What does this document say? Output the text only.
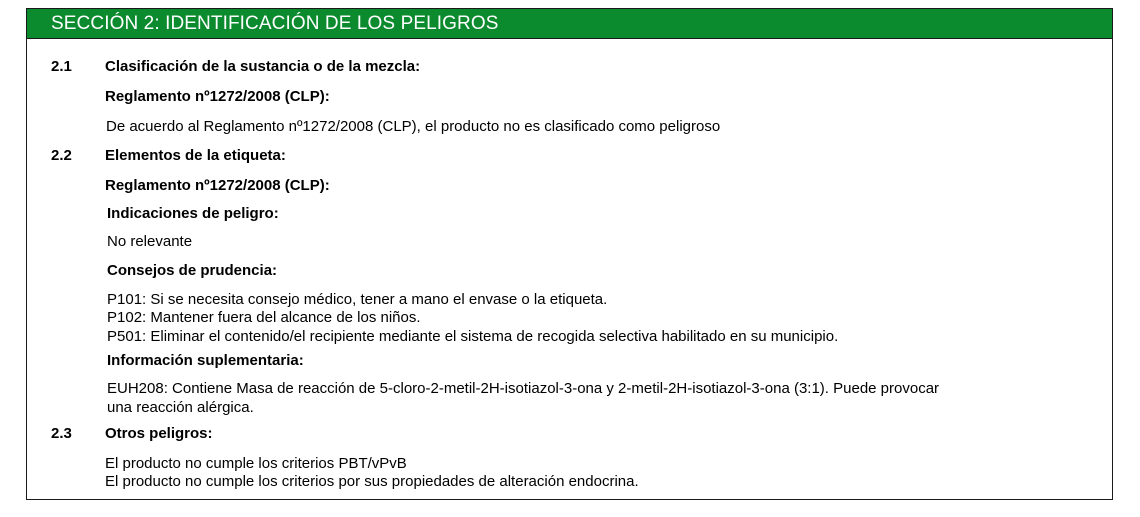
SECCIÓN 2: IDENTIFICACIÓN DE LOS PELIGROS
2.1 Clasificación de la sustancia o de la mezcla:
Reglamento nº1272/2008 (CLP):
De acuerdo al Reglamento nº1272/2008 (CLP), el producto no es clasificado como peligroso
2.2 Elementos de la etiqueta:
Reglamento nº1272/2008 (CLP):
Indicaciones de peligro:
No relevante
Consejos de prudencia:
P101: Si se necesita consejo médico, tener a mano el envase o la etiqueta.
P102: Mantener fuera del alcance de los niños.
P501: Eliminar el contenido/el recipiente mediante el sistema de recogida selectiva habilitado en su municipio.
Información suplementaria:
EUH208: Contiene Masa de reacción de 5-cloro-2-metil-2H-isotiazol-3-ona y 2-metil-2H-isotiazol-3-ona (3:1). Puede provocar
una reacción alérgica.
2.3 Otros peligros:
El producto no cumple los criterios PBT/vPvB
El producto no cumple los criterios por sus propiedades de alteración endocrina.
